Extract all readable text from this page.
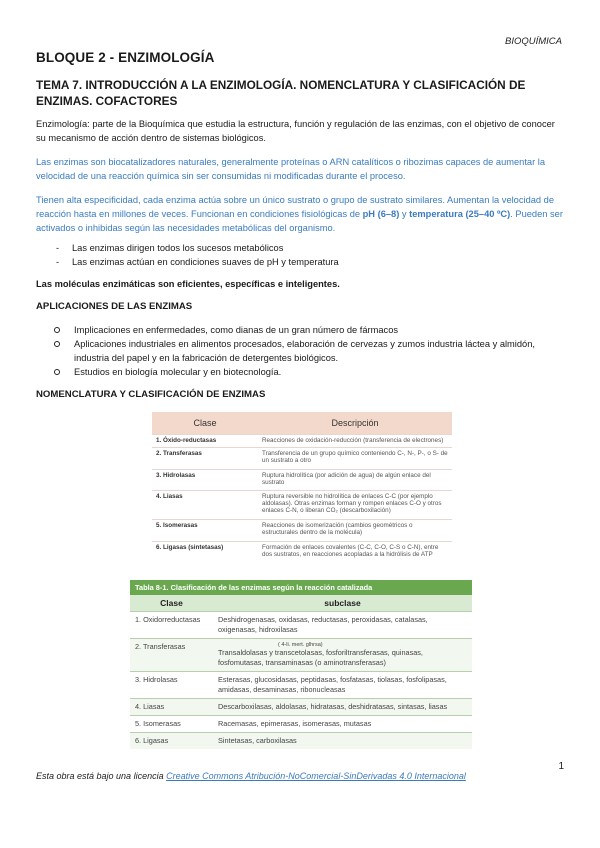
BIOQUÍMICA
BLOQUE 2 - ENZIMOLOGÍA
TEMA 7. INTRODUCCIÓN A LA ENZIMOLOGÍA. NOMENCLATURA Y CLASIFICACIÓN DE ENZIMAS. COFACTORES
Enzimología: parte de la Bioquímica que estudia la estructura, función y regulación de las enzimas, con el objetivo de conocer su mecanismo de acción dentro de sistemas biológicos.
Las enzimas son biocatalizadores naturales, generalmente proteínas o ARN catalíticos o ribozimas capaces de aumentar la velocidad de una reacción química sin ser consumidas ni modificadas durante el proceso.
Tienen alta especificidad, cada enzima actúa sobre un único sustrato o grupo de sustrato similares. Aumentan la velocidad de reacción hasta en millones de veces. Funcionan en condiciones fisiológicas de pH (6–8) y temperatura (25–40 ºC). Pueden ser activados o inhibidas según las necesidades metabólicas del organismo.
- Las enzimas dirigen todos los sucesos metabólicos
- Las enzimas actúan en condiciones suaves de pH y temperatura
Las moléculas enzimáticas son eficientes, específicas e inteligentes.
APLICACIONES DE LAS ENZIMAS
Implicaciones en enfermedades, como dianas de un gran número de fármacos
Aplicaciones industriales en alimentos procesados, elaboración de cervezas y zumos industria láctea y almidón, industria del papel y en la fabricación de detergentes biológicos.
Estudios en biología molecular y en biotecnología.
NOMENCLATURA Y CLASIFICACIÓN DE ENZIMAS
Clase	Descripción
1. Óxido-reductasas	Reacciones de oxidación-reducción (transferencia de electrones)
2. Transferasas	Transferencia de un grupo químico conteniendo C-, N-, P-, o S- de un sustrato a otro
3. Hidrolasas	Ruptura hidrolítica (por adición de agua) de algún enlace del sustrato
4. Liasas	Ruptura reversible no hidrolítica de enlaces C-C (por ejemplo aldolasas). Otras enzimas forman y rompen enlaces C-O y otros enlaces C-N, o liberan CO₂ (descarboxilación)
5. Isomerasas	Reacciones de isomerización (cambios geométricos o estructurales dentro de la molécula)
6. Ligasas (sintetasas)	Formación de enlaces covalentes (C-C, C-O, C-S o C-N), entre dos sustratos, en reacciones acopladas a la hidrólisis de ATP
Tabla 8-1. Clasificación de las enzimas según la reacción catalizada	
Clase	subclase
1. Oxidorreductasas	Deshidrogenasas, oxidasas, reductasas, peroxidasas, catalasas, oxigenasas, hidroxilasas
2. Transferasas	( 4-li. mert. glhrsa)
Transaldolasas y transcetolasas, fosforiltransferasas, quinasas, fosfomutasas, transaminasas (o aminotransferasas)
3. Hidrolasas	Esterasas, glucosidasas, peptidasas, fosfatasas, tiolasas, fosfolipasas, amidasas, desaminasas, ribonucleasas
4. Liasas	Descarboxilasas, aldolasas, hidratasas, deshidratasas, sintasas, liasas
5. Isomerasas	Racemasas, epimerasas, isomerasas, mutasas
6. Ligasas	Sintetasas, carboxilasas
1
Esta obra está bajo una licencia Creative Commons Atribución-NoComercial-SinDerivadas 4.0 Internacional
